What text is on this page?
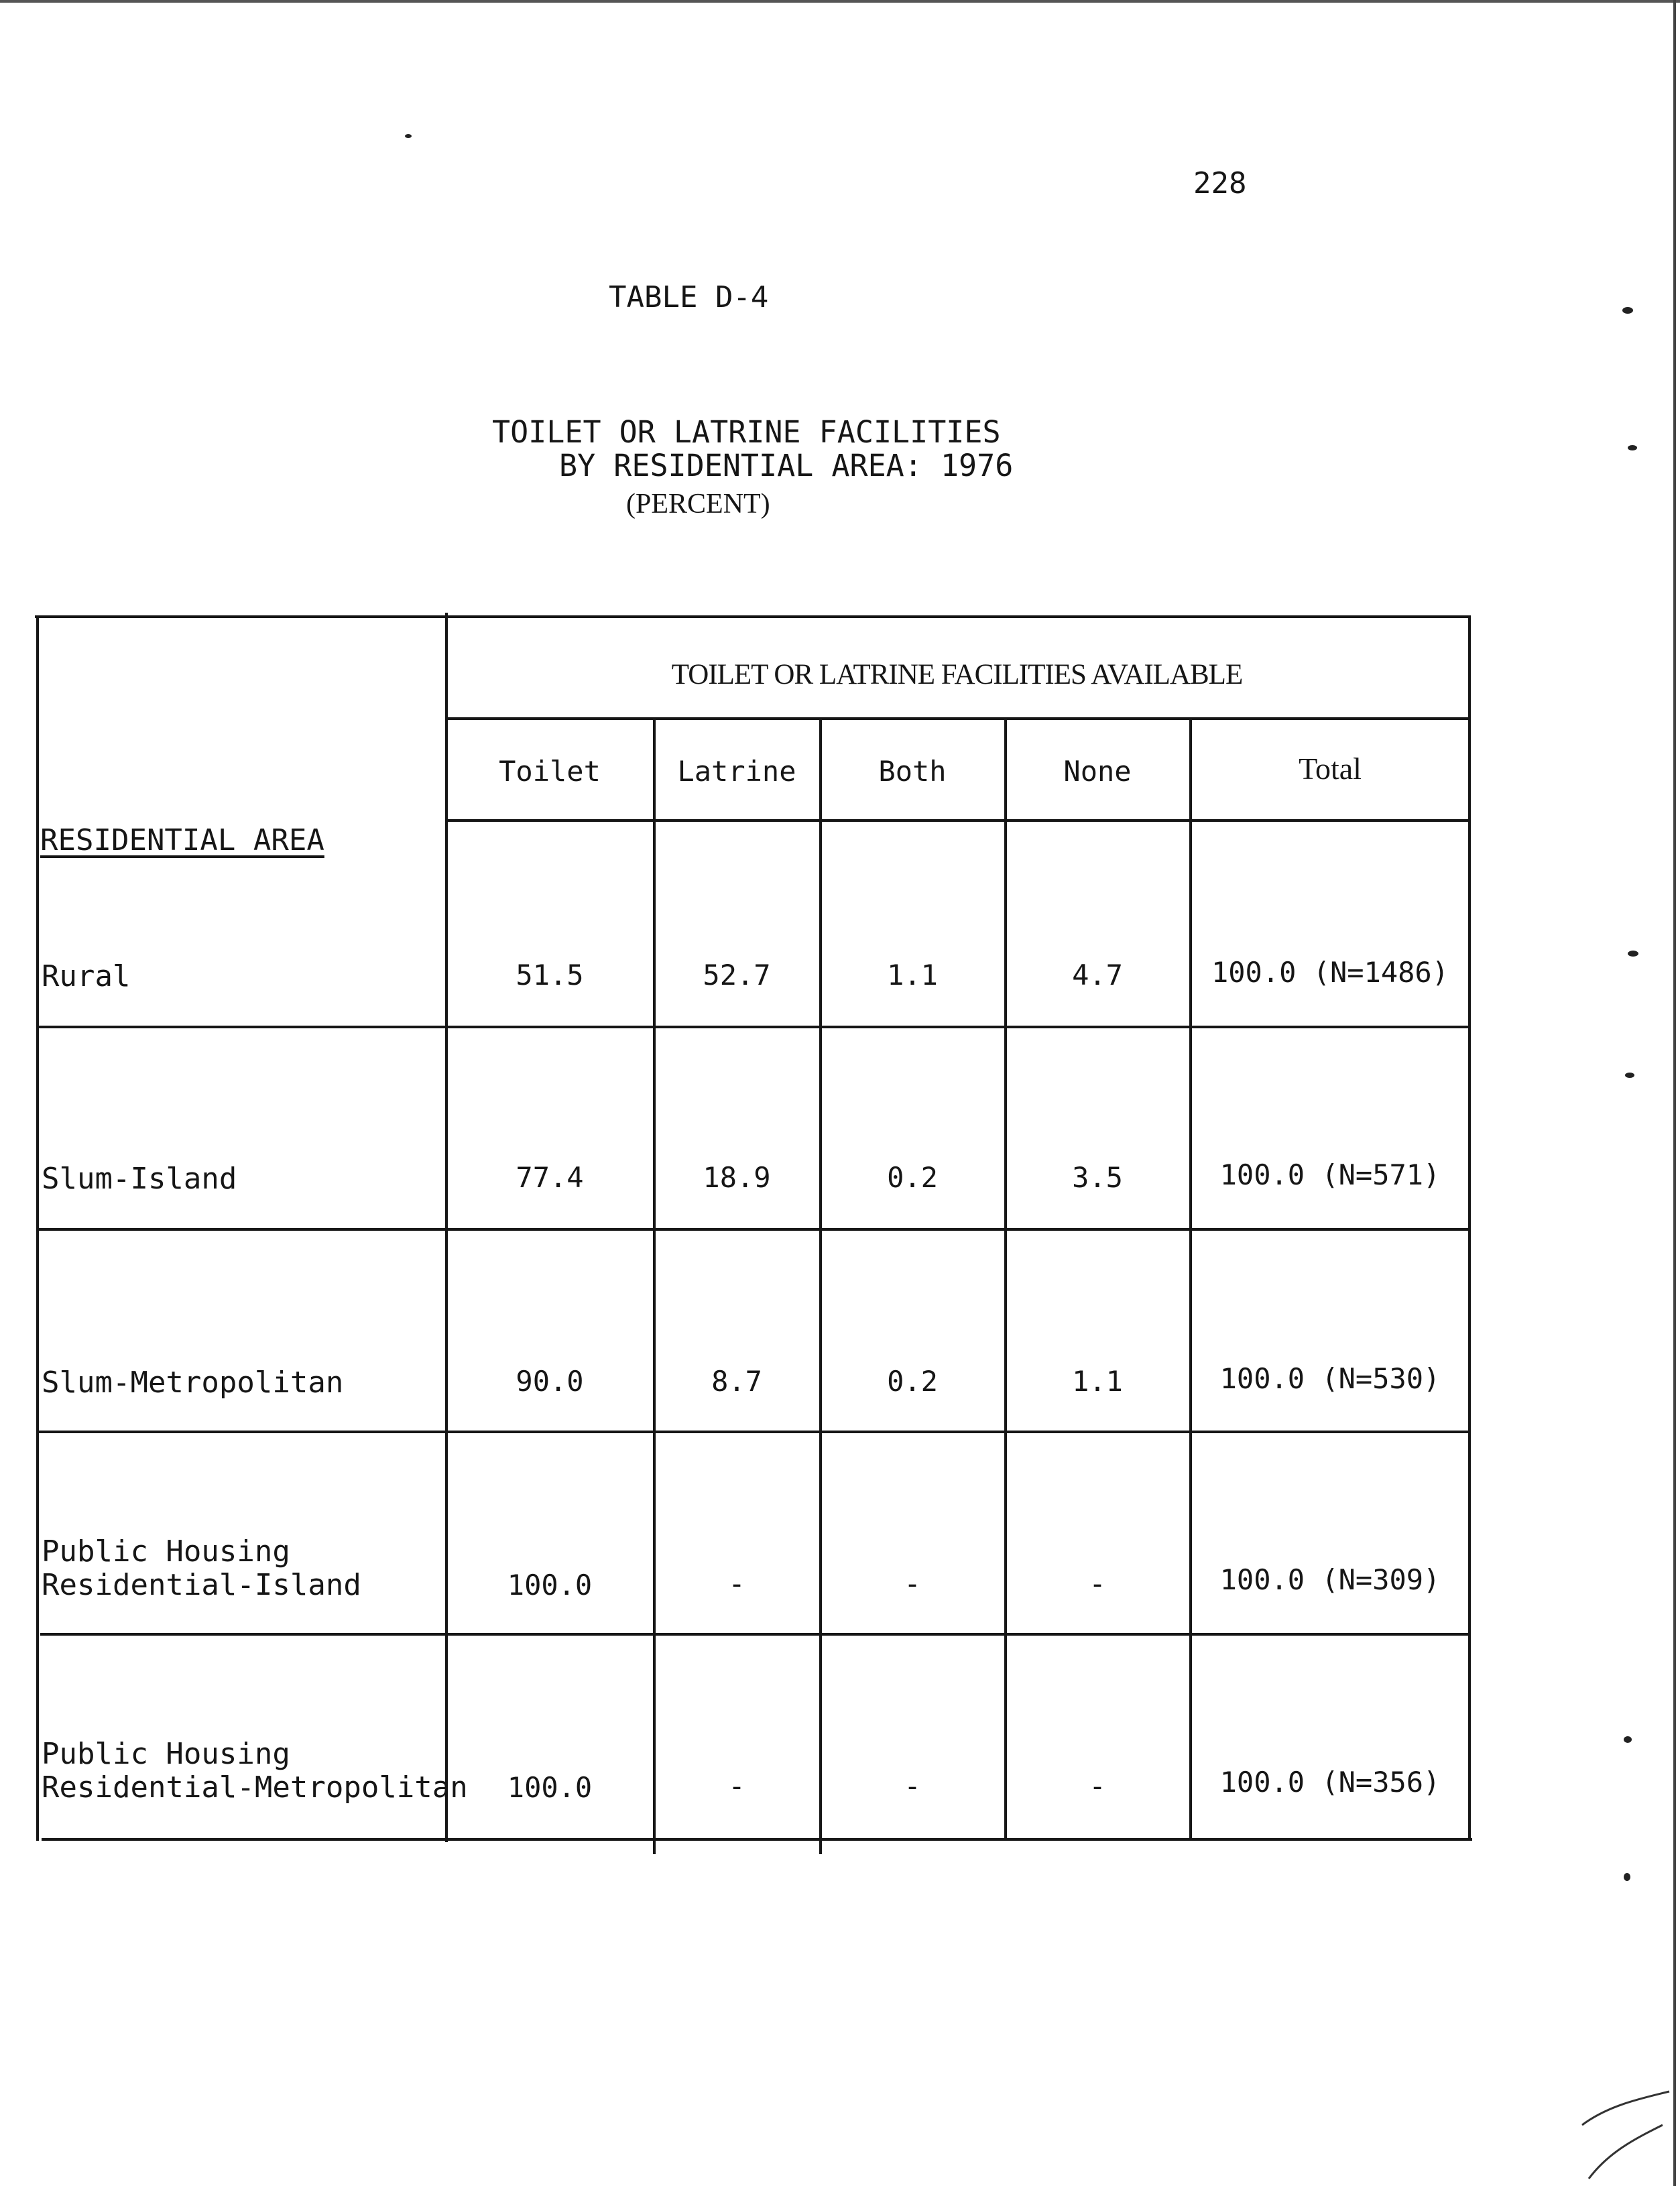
228
TABLE D-4
TOILET OR LATRINE FACILITIES
BY RESIDENTIAL AREA: 1976
(PERCENT)
TOILET OR LATRINE FACILITIES AVAILABLE
Toilet	Latrine	Both	None	Total
RESIDENTIAL AREA
Rural	51.5	52.7	1.1	4.7	100.0 (N=1486)
Slum-Island	77.4	18.9	0.2	3.5	100.0 (N=571)
Slum-Metropolitan	90.0	8.7	0.2	1.1	100.0 (N=530)
Public Housing
Residential-Island	100.0	-	-	-	100.0 (N=309)
Public Housing
Residential-Metropolitan	100.0	-	-	-	100.0 (N=356)
